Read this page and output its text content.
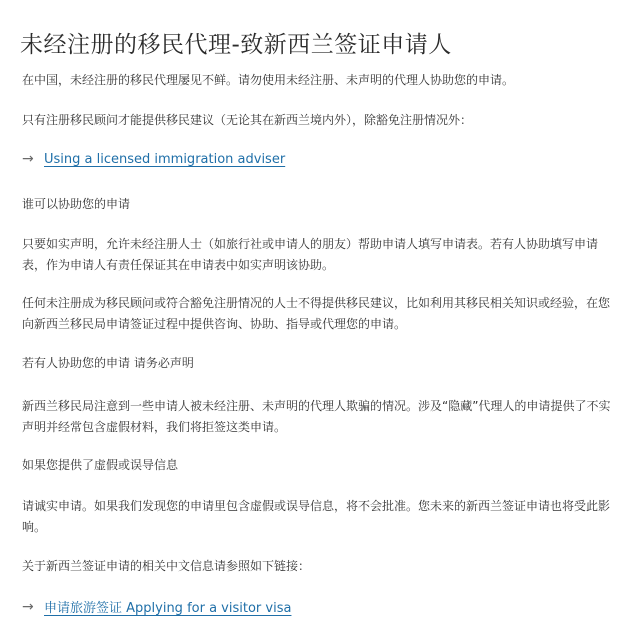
未经注册的移民代理-致新西兰签证申请人

在中国，未经注册的移民代理屡见不鲜。请勿使用未经注册、未声明的代理人协助您的申请。

只有注册移民顾问才能提供移民建议（无论其在新西兰境内外），除豁免注册情况外：

→ Using a licensed immigration adviser

谁可以协助您的申请

只要如实声明，允许未经注册人士（如旅行社或申请人的朋友）帮助申请人填写申请表。若有人协助填写申请表，作为申请人有责任保证其在申请表中如实声明该协助。

任何未注册成为移民顾问或符合豁免注册情况的人士不得提供移民建议，比如利用其移民相关知识或经验，在您向新西兰移民局申请签证过程中提供咨询、协助、指导或代理您的申请。

若有人协助您的申请 请务必声明

新西兰移民局注意到一些申请人被未经注册、未声明的代理人欺骗的情况。涉及“隐藏”代理人的申请提供了不实声明并经常包含虚假材料，我们将拒签这类申请。

如果您提供了虚假或误导信息

请诚实申请。如果我们发现您的申请里包含虚假或误导信息，将不会批准。您未来的新西兰签证申请也将受此影响。

关于新西兰签证申请的相关中文信息请参照如下链接：

→ 申请旅游签证 Applying for a visitor visa
